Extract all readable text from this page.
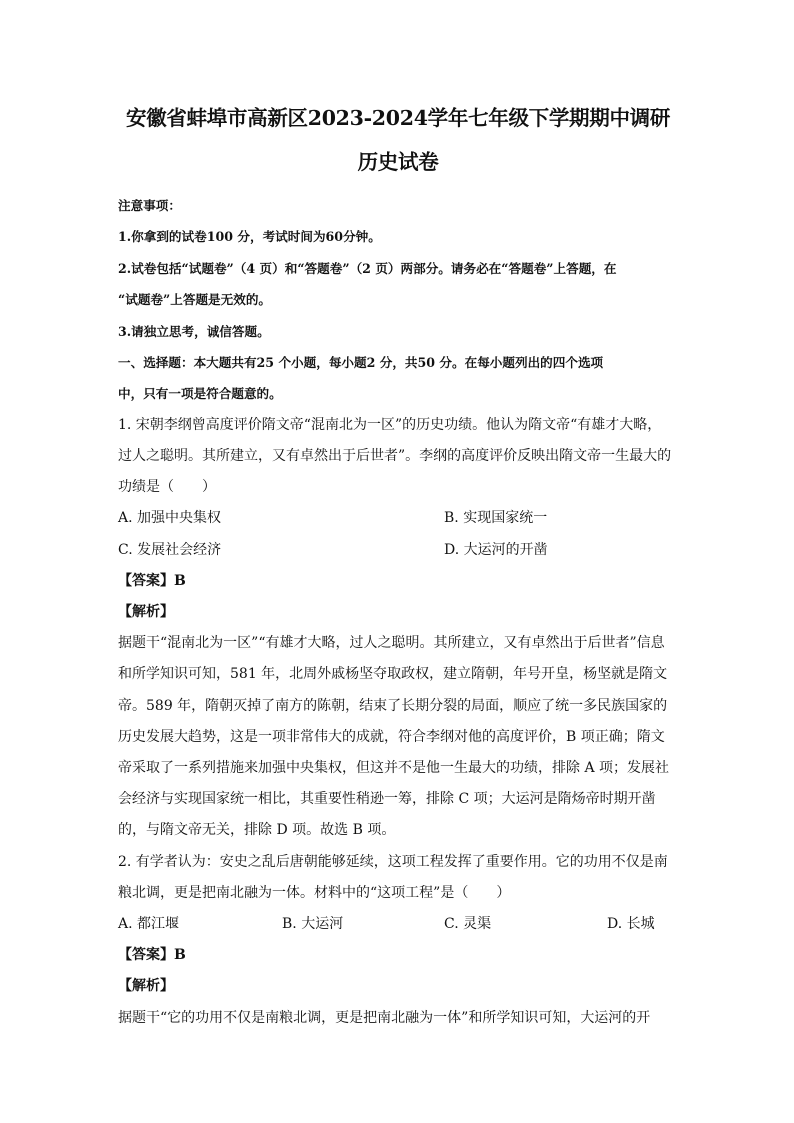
安徽省蚌埠市高新区2023-2024学年七年级下学期期中调研

历史试卷

注意事项：

1.你拿到的试卷100 分，考试时间为60分钟。

2.试卷包括“试题卷”（4 页）和“答题卷”（2 页）两部分。请务必在“答题卷”上答题，在

“试题卷”上答题是无效的。

3.请独立思考，诚信答题。

一、选择题：本大题共有25 个小题，每小题2 分，共50 分。在每小题列出的四个选项

中，只有一项是符合题意的。

1. 宋朝李纲曾高度评价隋文帝“混南北为一区”的历史功绩。他认为隋文帝“有雄才大略，

过人之聪明。其所建立，又有卓然出于后世者”。李纲的高度评价反映出隋文帝一生最大的

功绩是（　　）

A. 加强中央集权	B. 实现国家统一
C. 发展社会经济	D. 大运河的开凿

【答案】B

【解析】

据题干“混南北为一区”“有雄才大略，过人之聪明。其所建立，又有卓然出于后世者”信息

和所学知识可知，581 年，北周外戚杨坚夺取政权，建立隋朝，年号开皇，杨坚就是隋文

帝。589 年，隋朝灭掉了南方的陈朝，结束了长期分裂的局面，顺应了统一多民族国家的

历史发展大趋势，这是一项非常伟大的成就，符合李纲对他的高度评价，B 项正确；隋文

帝采取了一系列措施来加强中央集权，但这并不是他一生最大的功绩，排除 A 项；发展社

会经济与实现国家统一相比，其重要性稍逊一筹，排除 C 项；大运河是隋炀帝时期开凿

的，与隋文帝无关，排除 D 项。故选 B 项。

2. 有学者认为：安史之乱后唐朝能够延续，这项工程发挥了重要作用。它的功用不仅是南

粮北调，更是把南北融为一体。材料中的“这项工程”是（　　）

A. 都江堰	B. 大运河	C. 灵渠	D. 长城

【答案】B

【解析】

据题干“它的功用不仅是南粮北调，更是把南北融为一体”和所学知识可知，大运河的开
